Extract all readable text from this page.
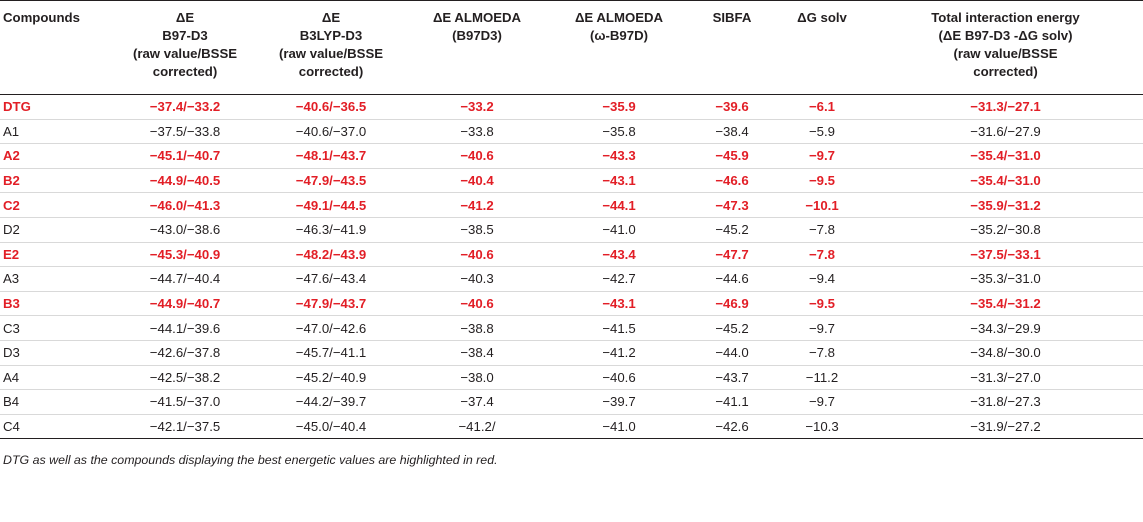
Compounds	ΔE
B97-D3
(raw value/BSSE
corrected)	ΔE
B3LYP-D3
(raw value/BSSE
corrected)	ΔE ALMOEDA
(B97D3)	ΔE ALMOEDA
(ω-B97D)	SIBFA	ΔG solv	Total interaction energy
(ΔE B97-D3 -ΔG solv)
(raw value/BSSE
corrected)
DTG	−37.4/−33.2	−40.6/−36.5	−33.2	−35.9	−39.6	−6.1	−31.3/−27.1
A1	−37.5/−33.8	−40.6/−37.0	−33.8	−35.8	−38.4	−5.9	−31.6/−27.9
A2	−45.1/−40.7	−48.1/−43.7	−40.6	−43.3	−45.9	−9.7	−35.4/−31.0
B2	−44.9/−40.5	−47.9/−43.5	−40.4	−43.1	−46.6	−9.5	−35.4/−31.0
C2	−46.0/−41.3	−49.1/−44.5	−41.2	−44.1	−47.3	−10.1	−35.9/−31.2
D2	−43.0/−38.6	−46.3/−41.9	−38.5	−41.0	−45.2	−7.8	−35.2/−30.8
E2	−45.3/−40.9	−48.2/−43.9	−40.6	−43.4	−47.7	−7.8	−37.5/−33.1
A3	−44.7/−40.4	−47.6/−43.4	−40.3	−42.7	−44.6	−9.4	−35.3/−31.0
B3	−44.9/−40.7	−47.9/−43.7	−40.6	−43.1	−46.9	−9.5	−35.4/−31.2
C3	−44.1/−39.6	−47.0/−42.6	−38.8	−41.5	−45.2	−9.7	−34.3/−29.9
D3	−42.6/−37.8	−45.7/−41.1	−38.4	−41.2	−44.0	−7.8	−34.8/−30.0
A4	−42.5/−38.2	−45.2/−40.9	−38.0	−40.6	−43.7	−11.2	−31.3/−27.0
B4	−41.5/−37.0	−44.2/−39.7	−37.4	−39.7	−41.1	−9.7	−31.8/−27.3
C4	−42.1/−37.5	−45.0/−40.4	−41.2/	−41.0	−42.6	−10.3	−31.9/−27.2
DTG as well as the compounds displaying the best energetic values are highlighted in red.
